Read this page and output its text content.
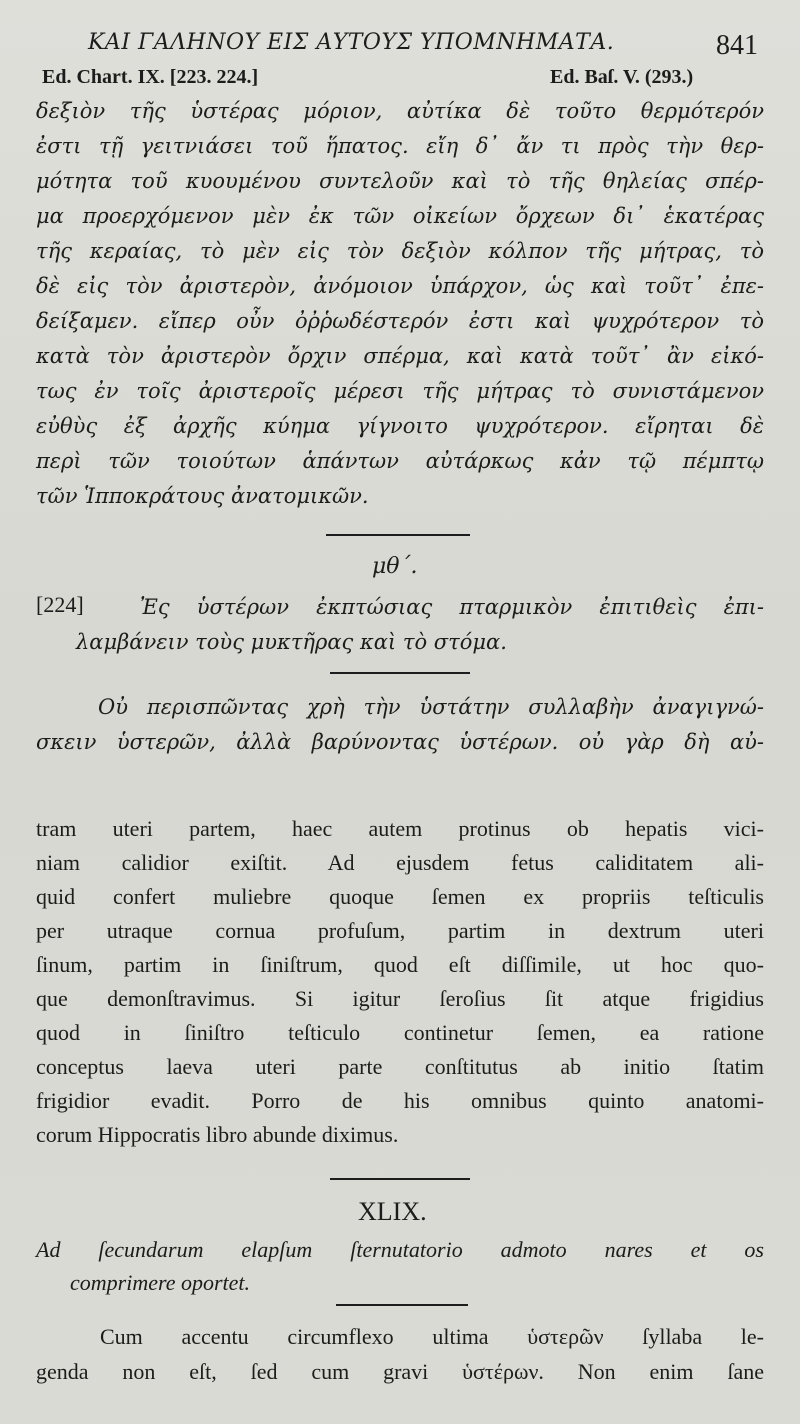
ΚΑΙ ΓΑΛΗΝΟΥ ΕΙΣ ΑΥΤΟΥΣ ΥΠΟΜΝΗΜΑΤΑ.	841
Ed. Chart. IX. [223. 224.]	Ed. Baſ. V. (293.)
δεξιὸν τῆς ὑστέρας μόριον, αὐτίκα δὲ τοῦτο θερμότερόν
ἐστι τῇ γειτνιάσει τοῦ ἥπατος. εἴη δ᾽ ἄν τι πρὸς τὴν θερ-
μότητα τοῦ κυουμένου συντελοῦν καὶ τὸ τῆς θηλείας σπέρ-
μα προερχόμενον μὲν ἐκ τῶν οἰκείων ὄρχεων δι᾽ ἑκατέρας
τῆς κεραίας, τὸ μὲν εἰς τὸν δεξιὸν κόλπον τῆς μήτρας, τὸ
δὲ εἰς τὸν ἀριστερὸν, ἀνόμοιον ὑπάρχον, ὡς καὶ τοῦτ᾽ ἐπε-
δείξαμεν. εἴπερ οὖν ὀῤῥωδέστερόν ἐστι καὶ ψυχρότερον τὸ
κατὰ τὸν ἀριστερὸν ὄρχιν σπέρμα, καὶ κατὰ τοῦτ᾽ ἂν εἰκό-
τως ἐν τοῖς ἀριστεροῖς μέρεσι τῆς μήτρας τὸ συνιστάμενον
εὐθὺς ἐξ ἀρχῆς κύημα γίγνοιτο ψυχρότερον. εἴρηται δὲ
περὶ τῶν τοιούτων ἁπάντων αὐτάρκως κἀν τῷ πέμπτῳ
τῶν Ἱπποκράτους ἀνατομικῶν.
μθ΄.
[224]	Ἐς ὑστέρων ἐκπτώσιας πταρμικὸν ἐπιτιθεὶς ἐπι-
λαμβάνειν τοὺς μυκτῆρας καὶ τὸ στόμα.
Οὐ περισπῶντας χρὴ τὴν ὑστάτην συλλαβὴν ἀναγιγνώ-
σκειν ὑστερῶν, ἀλλὰ βαρύνοντας ὑστέρων. οὐ γὰρ δὴ αὐ-
tram uteri partem, haec autem protinus ob hepatis vici-
niam calidior exiſtit. Ad ejusdem fetus caliditatem ali-
quid confert muliebre quoque ſemen ex propriis teſticulis
per utraque cornua profuſum, partim in dextrum uteri
ſinum, partim in ſiniſtrum, quod eſt diſſimile, ut hoc quo-
que demonſtravimus. Si igitur ſeroſius ſit atque frigidius
quod in ſiniſtro teſticulo continetur ſemen, ea ratione
conceptus laeva uteri parte conſtitutus ab initio ſtatim
frigidior evadit. Porro de his omnibus quinto anatomi-
corum Hippocratis libro abunde diximus.
XLIX.
Ad ſecundarum elapſum ſternutatorio admoto nares et os
comprimere oportet.
Cum accentu circumflexo ultima ὑστερῶν ſyllaba le-
genda non eſt, ſed cum gravi ὑστέρων. Non enim ſane
